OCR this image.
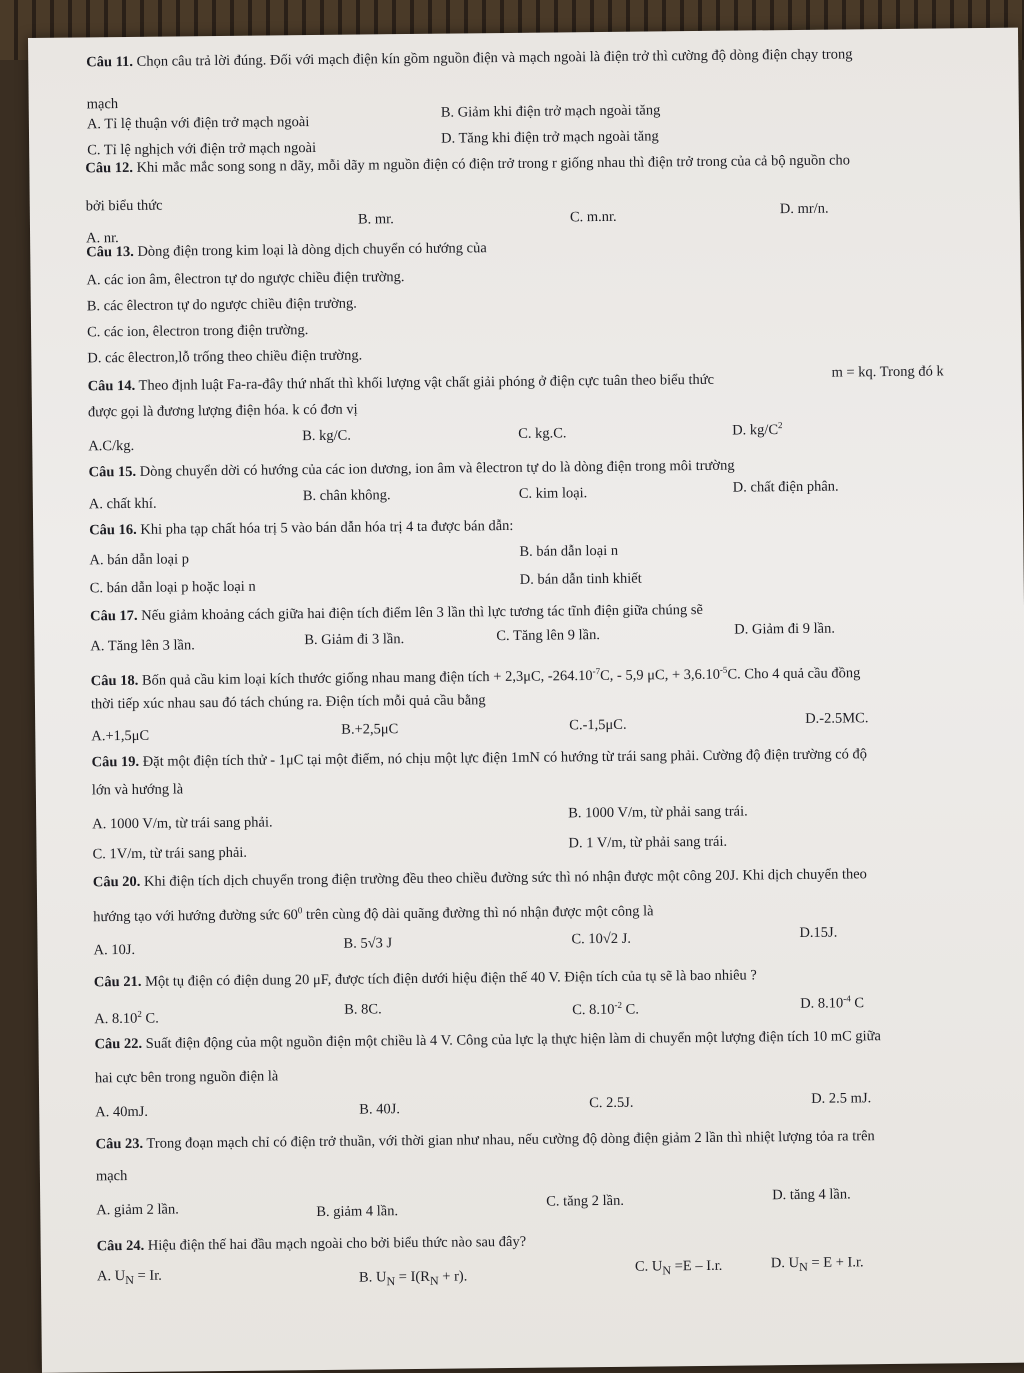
Câu 11. Chọn câu trả lời đúng. Đối với mạch điện kín gồm nguồn điện và mạch ngoài là điện trở thì cường độ dòng điện chạy trong
mạch
A. Tỉ lệ thuận với điện trở mạch ngoài
B. Giảm khi điện trở mạch ngoài tăng
C. Tỉ lệ nghịch với điện trở mạch ngoài
D. Tăng khi điện trở mạch ngoài tăng
Câu 12. Khi mắc mắc song song n dãy, mỗi dãy m nguồn điện có điện trở trong r giống nhau thì điện trở trong của cả bộ nguồn cho
bởi biểu thức
A. nr.
B. mr.	C. m.nr.	D. mr/n.
Câu 13. Dòng điện trong kim loại là dòng dịch chuyển có hướng của
A. các ion âm, êlectron tự do ngược chiều điện trường.
B. các êlectron tự do ngược chiều điện trường.
C. các ion, êlectron trong điện trường.
D. các êlectron,lỗ trống theo chiều điện trường.
Câu 14. Theo định luật Fa-ra-đây thứ nhất thì khối lượng vật chất giải phóng ở điện cực tuân theo biểu thức	m = kq. Trong đó k
được gọi là đương lượng điện hóa. k có đơn vị
A.C/kg.
B. kg/C.	C. kg.C.	D. $kg/C^2$
Câu 15. Dòng chuyển dời có hướng của các ion dương, ion âm và êlectron tự do là dòng điện trong môi trường
A. chất khí.	B. chân không.	C. kim loại.	D. chất điện phân.
Câu 16. Khi pha tạp chất hóa trị 5 vào bán dẫn hóa trị 4 ta được bán dẫn:
A. bán dẫn loại p	B. bán dẫn loại n
C. bán dẫn loại p hoặc loại n	D. bán dẫn tinh khiết
Câu 17. Nếu giảm khoảng cách giữa hai điện tích điểm lên 3 lần thì lực tương tác tĩnh điện giữa chúng sẽ
A. Tăng lên 3 lần.	B. Giảm đi 3 lần.	C. Tăng lên 9 lần.	D. Giảm đi 9 lần.
Câu 18. Bốn quả cầu kim loại kích thước giống nhau mang điện tích + 2,3μC, $-264.10^{-7}C$, - 5,9 μC, + $3,6.10^{-5}C$. Cho 4 quả cầu đồng
thời tiếp xúc nhau sau đó tách chúng ra. Điện tích mỗi quả cầu bằng
A.+1,5μC	B.+2,5μC	C.-1,5μC.	D.-2.5MC.
Câu 19. Đặt một điện tích thử - 1μC tại một điểm, nó chịu một lực điện 1mN có hướng từ trái sang phải. Cường độ điện trường có độ
lớn và hướng là
A. 1000 V/m, từ trái sang phải.
B. 1000 V/m, từ phải sang trái.
C. 1V/m, từ trái sang phải.
D. 1 V/m, từ phải sang trái.
Câu 20. Khi điện tích dịch chuyển trong điện trường đều theo chiều đường sức thì nó nhận được một công 20J. Khi dịch chuyển theo
hướng tạo với hướng đường sức $60^0$ trên cùng độ dài quãng đường thì nó nhận được một công là
A. 10J.	B. 5√3 J	C. 10√2 J.	D.15J.
Câu 21. Một tụ điện có điện dung 20 μF, được tích điện dưới hiệu điện thế 40 V. Điện tích của tụ sẽ là bao nhiêu ?
A. 8.10$^2$ C.
B. 8C.	C. $8.10^{-2}$ C.	D. $8.10^{-4}$ C
Câu 22. Suất điện động của một nguồn điện một chiều là 4 V. Công của lực lạ thực hiện làm di chuyển một lượng điện tích 10 mC giữa
hai cực bên trong nguồn điện là
A. 40mJ.	B. 40J.	C. 2.5J.	D. 2.5 mJ.
Câu 23. Trong đoạn mạch chỉ có điện trở thuần, với thời gian như nhau, nếu cường độ dòng điện giảm 2 lần thì nhiệt lượng tỏa ra trên
mạch
A. giảm 2 lần.	B. giảm 4 lần.
C. tăng 2 lần.	D. tăng 4 lần.
Câu 24. Hiệu điện thế hai đầu mạch ngoài cho bởi biểu thức nào sau đây?
A. $U_N = Ir$.	B. $U_N = I(R_N + r)$.
C. $U_N =E - I.r$.	D. $U_N = E + I.r$.
